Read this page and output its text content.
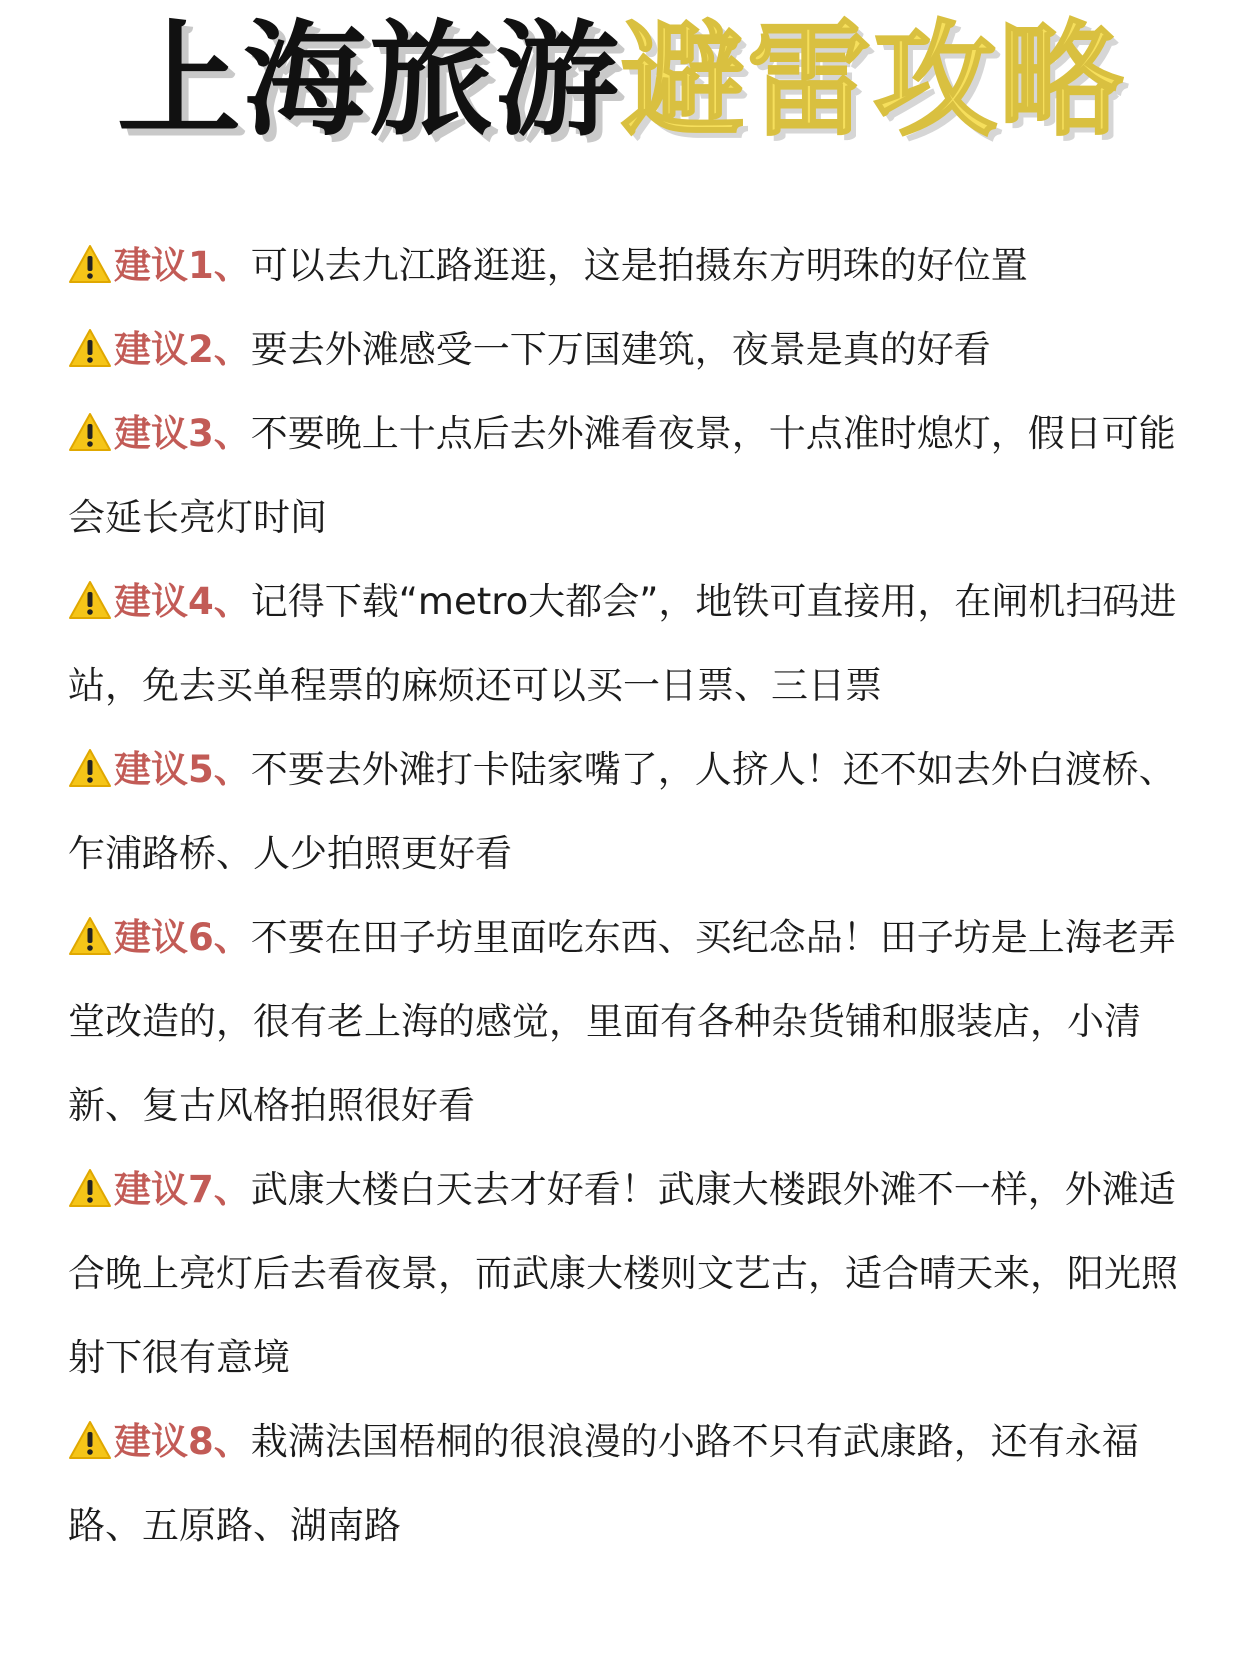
上海旅游避雷攻略

建议1、可以去九江路逛逛，这是拍摄东方明珠的好位置

建议2、要去外滩感受一下万国建筑，夜景是真的好看

建议3、不要晚上十点后去外滩看夜景，十点准时熄灯，假日可能会延长亮灯时间

建议4、记得下载“metro大都会”，地铁可直接用，在闸机扫码进站，免去买单程票的麻烦还可以买一日票、三日票

建议5、不要去外滩打卡陆家嘴了，人挤人！还不如去外白渡桥、乍浦路桥、人少拍照更好看

建议6、不要在田子坊里面吃东西、买纪念品！田子坊是上海老弄堂改造的，很有老上海的感觉，里面有各种杂货铺和服装店，小清新、复古风格拍照很好看

建议7、武康大楼白天去才好看！武康大楼跟外滩不一样，外滩适合晚上亮灯后去看夜景，而武康大楼则文艺古，适合晴天来，阳光照射下很有意境

建议8、栽满法国梧桐的很浪漫的小路不只有武康路，还有永福路、五原路、湖南路
